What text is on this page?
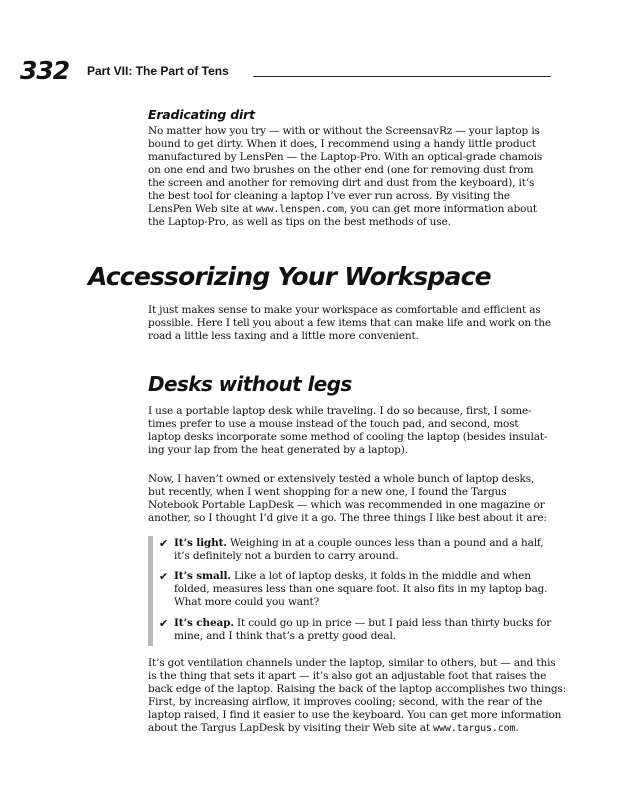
332 Part VII: The Part of Tens
Eradicating dirt
No matter how you try — with or without the ScreensavRz — your laptop is
bound to get dirty. When it does, I recommend using a handy little product
manufactured by LensPen — the Laptop-Pro. With an optical-grade chamois
on one end and two brushes on the other end (one for removing dust from
the screen and another for removing dirt and dust from the keyboard), it’s
the best tool for cleaning a laptop I’ve ever run across. By visiting the
LensPen Web site at www.lenspen.com, you can get more information about
the Laptop-Pro, as well as tips on the best methods of use.
Accessorizing Your Workspace
It just makes sense to make your workspace as comfortable and efficient as
possible. Here I tell you about a few items that can make life and work on the
road a little less taxing and a little more convenient.
Desks without legs
I use a portable laptop desk while traveling. I do so because, first, I some-
times prefer to use a mouse instead of the touch pad, and second, most
laptop desks incorporate some method of cooling the laptop (besides insulat-
ing your lap from the heat generated by a laptop).
Now, I haven’t owned or extensively tested a whole bunch of laptop desks,
but recently, when I went shopping for a new one, I found the Targus
Notebook Portable LapDesk — which was recommended in one magazine or
another, so I thought I’d give it a go. The three things I like best about it are:
✔ It’s light. Weighing in at a couple ounces less than a pound and a half,
it’s definitely not a burden to carry around.
✔ It’s small. Like a lot of laptop desks, it folds in the middle and when
folded, measures less than one square foot. It also fits in my laptop bag.
What more could you want?
✔ It’s cheap. It could go up in price — but I paid less than thirty bucks for
mine, and I think that’s a pretty good deal.
It’s got ventilation channels under the laptop, similar to others, but — and this
is the thing that sets it apart — it’s also got an adjustable foot that raises the
back edge of the laptop. Raising the back of the laptop accomplishes two things:
First, by increasing airflow, it improves cooling; second, with the rear of the
laptop raised, I find it easier to use the keyboard. You can get more information
about the Targus LapDesk by visiting their Web site at www.targus.com.
